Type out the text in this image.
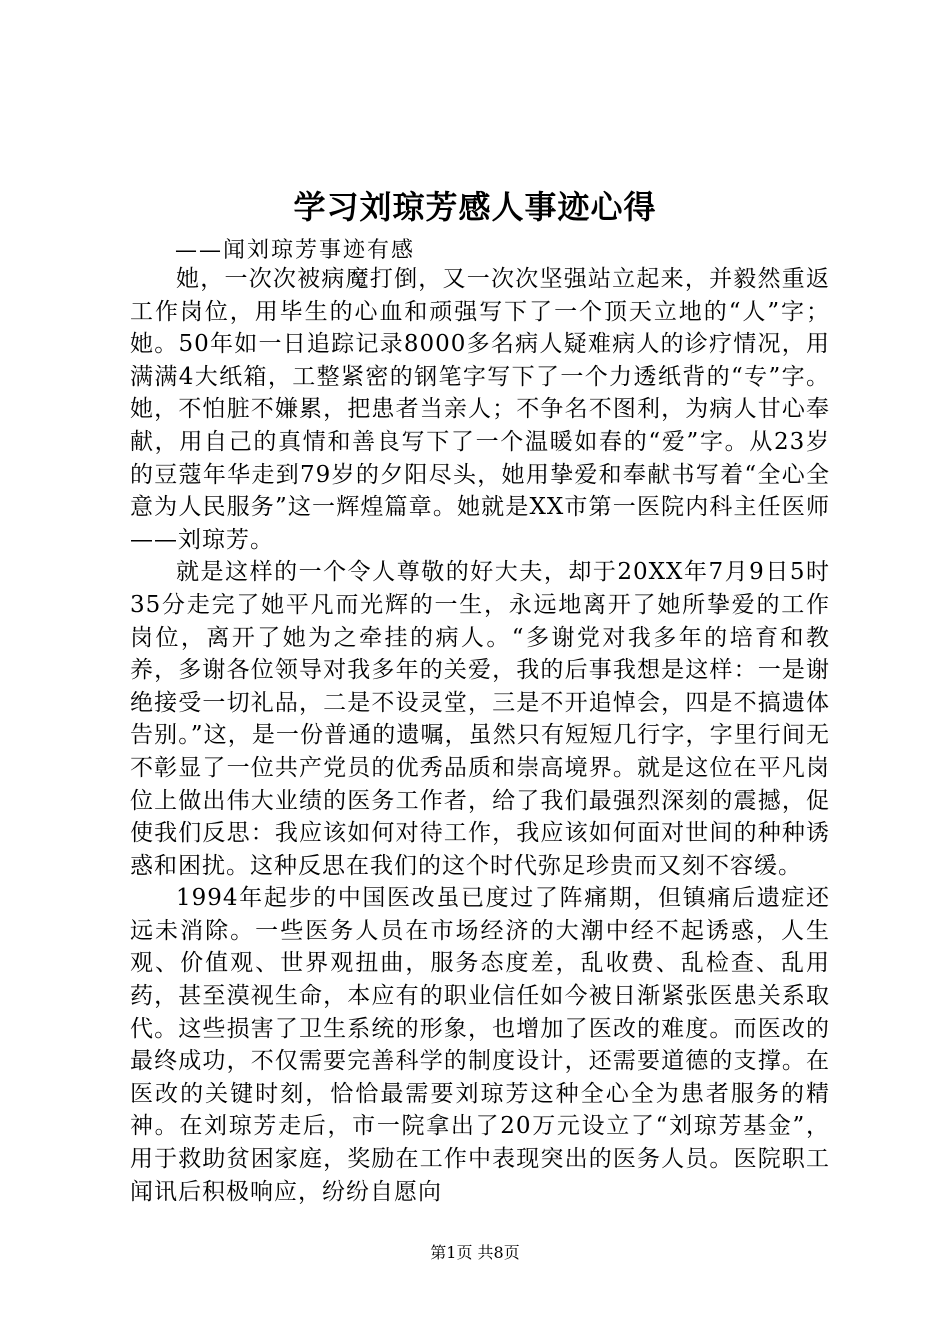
学习刘琼芳感人事迹心得
——闻刘琼芳事迹有感

她，一次次被病魔打倒，又一次次坚强站立起来，并毅然重返工作岗位，用毕生的心血和顽强写下了一个顶天立地的“人”字；她。50年如一日追踪记录8000多名病人疑难病人的诊疗情况，用满满4大纸箱，工整紧密的钢笔字写下了一个力透纸背的“专”字。她，不怕脏不嫌累，把患者当亲人；不争名不图利，为病人甘心奉献，用自己的真情和善良写下了一个温暖如春的“爱”字。从23岁的豆蔻年华走到79岁的夕阳尽头，她用挚爱和奉献书写着“全心全意为人民服务”这一辉煌篇章。她就是XX市第一医院内科主任医师——刘琼芳。

就是这样的一个令人尊敬的好大夫，却于20XX年7月9日5时35分走完了她平凡而光辉的一生，永远地离开了她所挚爱的工作岗位，离开了她为之牵挂的病人。“多谢党对我多年的培育和教养，多谢各位领导对我多年的关爱，我的后事我想是这样：一是谢绝接受一切礼品，二是不设灵堂，三是不开追悼会，四是不搞遗体告别。”这，是一份普通的遗嘱，虽然只有短短几行字，字里行间无不彰显了一位共产党员的优秀品质和崇高境界。就是这位在平凡岗位上做出伟大业绩的医务工作者，给了我们最强烈深刻的震撼，促使我们反思：我应该如何对待工作，我应该如何面对世间的种种诱惑和困扰。这种反思在我们的这个时代弥足珍贵而又刻不容缓。

1994年起步的中国医改虽已度过了阵痛期，但镇痛后遗症还远未消除。一些医务人员在市场经济的大潮中经不起诱惑，人生观、价值观、世界观扭曲，服务态度差，乱收费、乱检查、乱用药，甚至漠视生命，本应有的职业信任如今被日渐紧张医患关系取代。这些损害了卫生系统的形象，也增加了医改的难度。而医改的最终成功，不仅需要完善科学的制度设计，还需要道德的支撑。在医改的关键时刻，恰恰最需要刘琼芳这种全心全为患者服务的精神。在刘琼芳走后，市一院拿出了20万元设立了“刘琼芳基金”，用于救助贫困家庭，奖励在工作中表现突出的医务人员。医院职工闻讯后积极响应，纷纷自愿向

第1页 共8页
